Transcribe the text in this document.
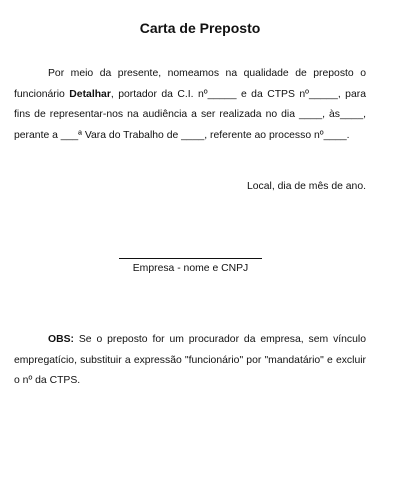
Carta de Preposto

Por meio da presente, nomeamos na qualidade de preposto o funcionário Detalhar, portador da C.I. nº_____ e da CTPS nº_____, para fins de representar-nos na audiência a ser realizada no dia ____, às____, perante a ___ª Vara do Trabalho de ____, referente ao processo nº____.

Local, dia de mês de ano.

Empresa - nome e CNPJ

OBS: Se o preposto for um procurador da empresa, sem vínculo empregatício, substituir a expressão "funcionário" por "mandatário" e excluir o nº da CTPS.
